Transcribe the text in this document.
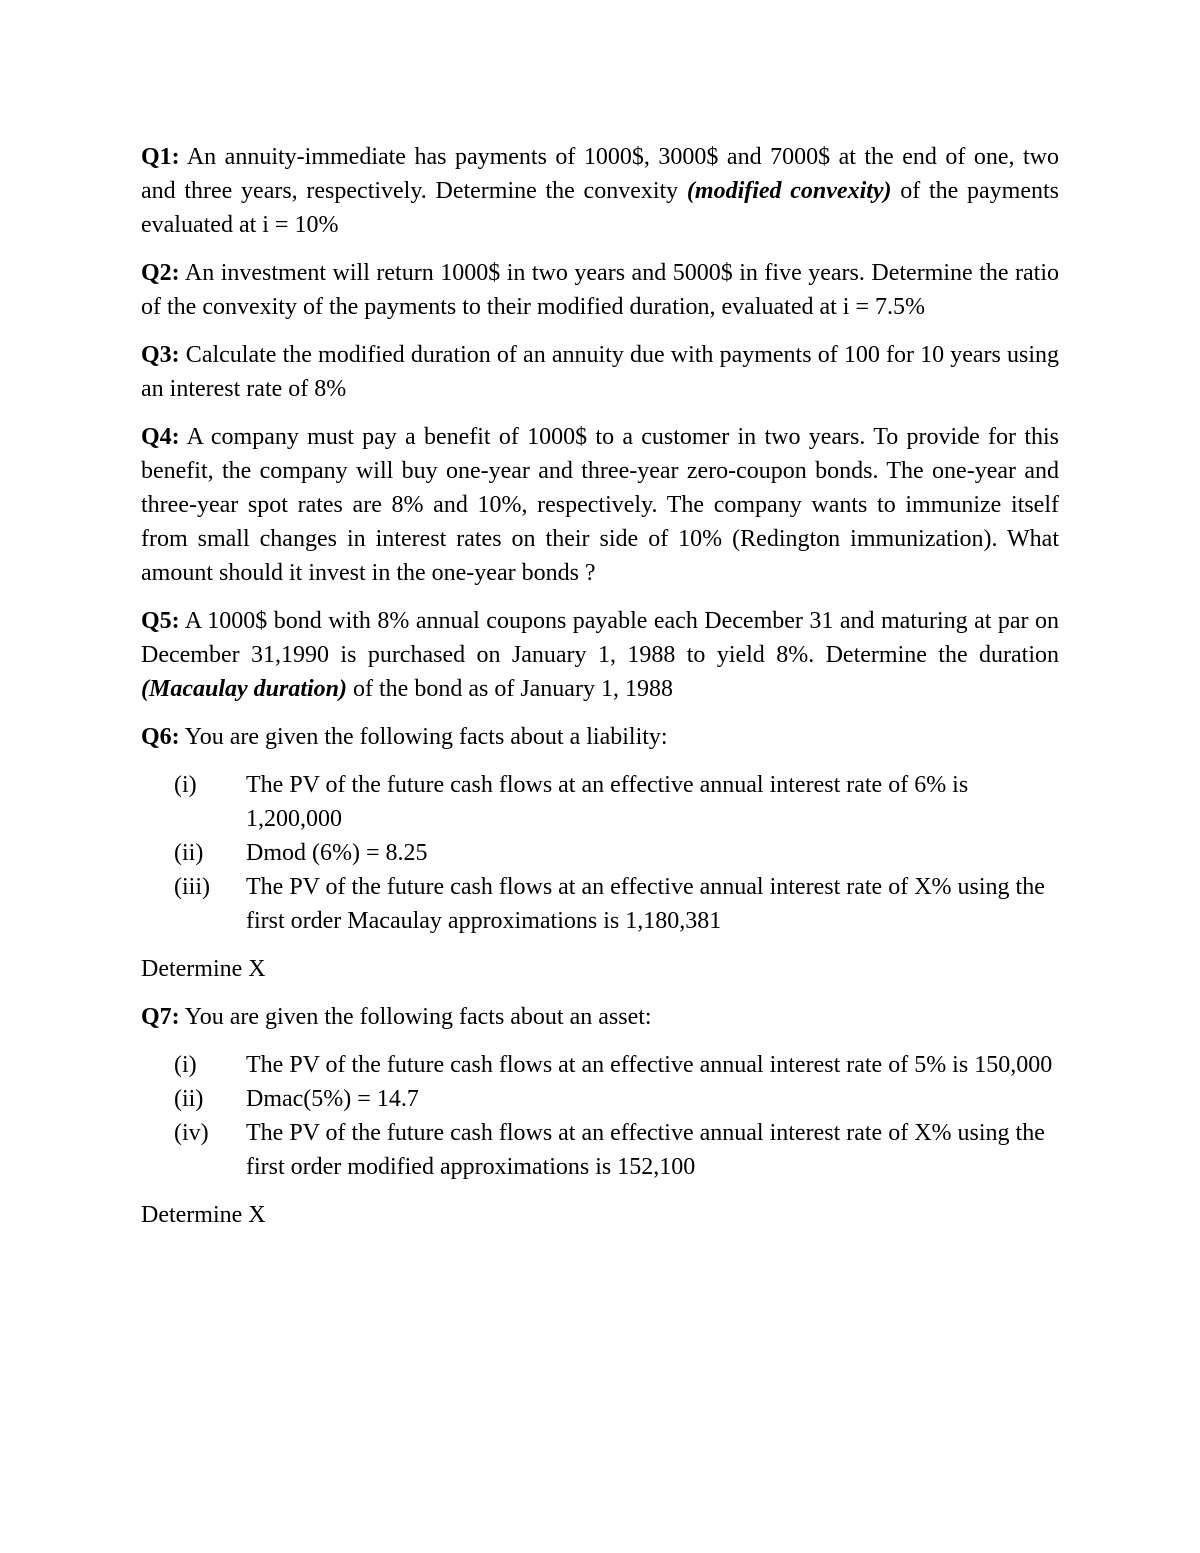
Q1: An annuity-immediate has payments of 1000$, 3000$ and 7000$ at the end of one, two and three years, respectively. Determine the convexity (modified convexity) of the payments evaluated at i = 10%

Q2: An investment will return 1000$ in two years and 5000$ in five years. Determine the ratio of the convexity of the payments to their modified duration, evaluated at i = 7.5%

Q3: Calculate the modified duration of an annuity due with payments of 100 for 10 years using an interest rate of 8%

Q4: A company must pay a benefit of 1000$ to a customer in two years. To provide for this benefit, the company will buy one-year and three-year zero-coupon bonds. The one-year and three-year spot rates are 8% and 10%, respectively. The company wants to immunize itself from small changes in interest rates on their side of 10% (Redington immunization). What amount should it invest in the one-year bonds ?

Q5: A 1000$ bond with 8% annual coupons payable each December 31 and maturing at par on December 31,1990 is purchased on January 1, 1988 to yield 8%. Determine the duration (Macaulay duration) of the bond as of January 1, 1988

Q6: You are given the following facts about a liability:

(i)	The PV of the future cash flows at an effective annual interest rate of 6% is 1,200,000
(ii)	Dmod (6%) = 8.25
(iii)	The PV of the future cash flows at an effective annual interest rate of X% using the first order Macaulay approximations is 1,180,381

Determine X

Q7: You are given the following facts about an asset:

(i)	The PV of the future cash flows at an effective annual interest rate of 5% is 150,000
(ii)	Dmac(5%) = 14.7
(iv)	The PV of the future cash flows at an effective annual interest rate of X% using the first order modified approximations is 152,100

Determine X
